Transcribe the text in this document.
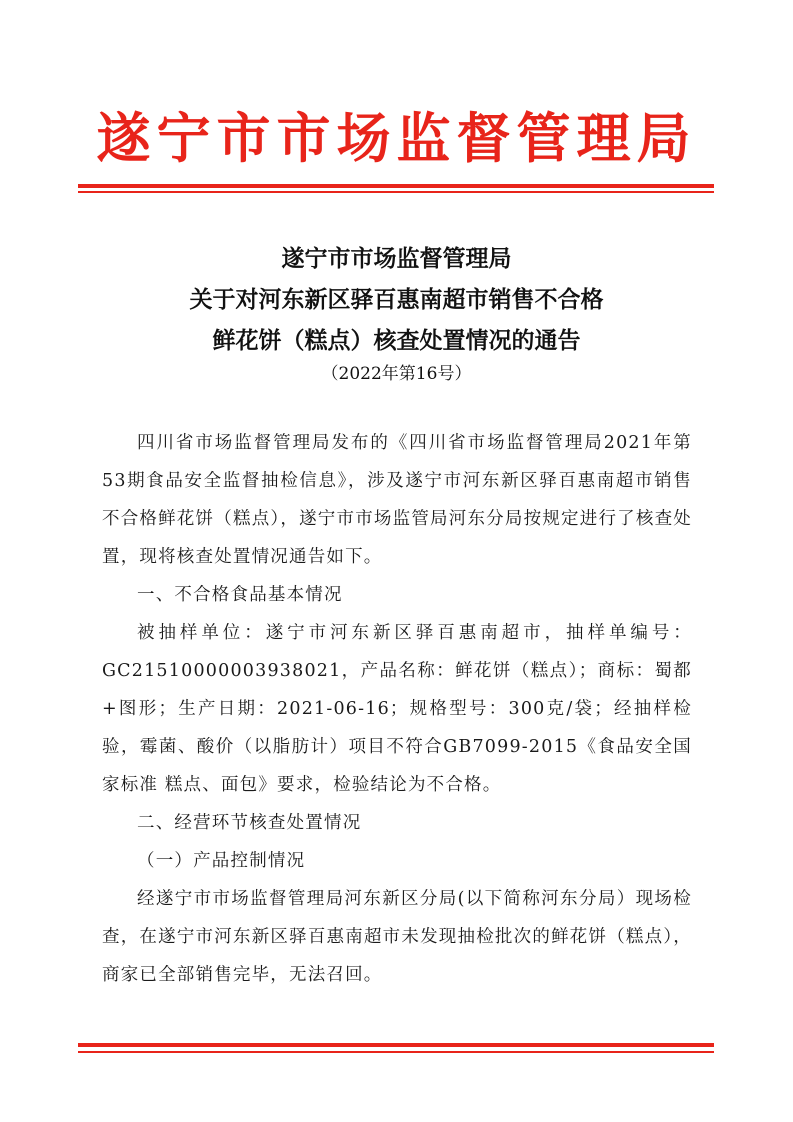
遂宁市市场监督管理局
遂宁市市场监督管理局
关于对河东新区驿百惠南超市销售不合格
鲜花饼（糕点）核查处置情况的通告
（2022年第16号）

四川省市场监督管理局发布的《四川省市场监督管理局2021年第53期食品安全监督抽检信息》，涉及遂宁市河东新区驿百惠南超市销售不合格鲜花饼（糕点），遂宁市市场监管局河东分局按规定进行了核查处置，现将核查处置情况通告如下。

一、不合格食品基本情况

被抽样单位：遂宁市河东新区驿百惠南超市，抽样单编号：GC21510000003938021，产品名称：鲜花饼（糕点）；商标：蜀都+图形；生产日期：2021-06-16；规格型号：300克/袋；经抽样检验，霉菌、酸价（以脂肪计）项目不符合GB7099-2015《食品安全国家标准 糕点、面包》要求，检验结论为不合格。

二、经营环节核查处置情况

（一）产品控制情况

经遂宁市市场监督管理局河东新区分局(以下简称河东分局）现场检查，在遂宁市河东新区驿百惠南超市未发现抽检批次的鲜花饼（糕点），商家已全部销售完毕，无法召回。
